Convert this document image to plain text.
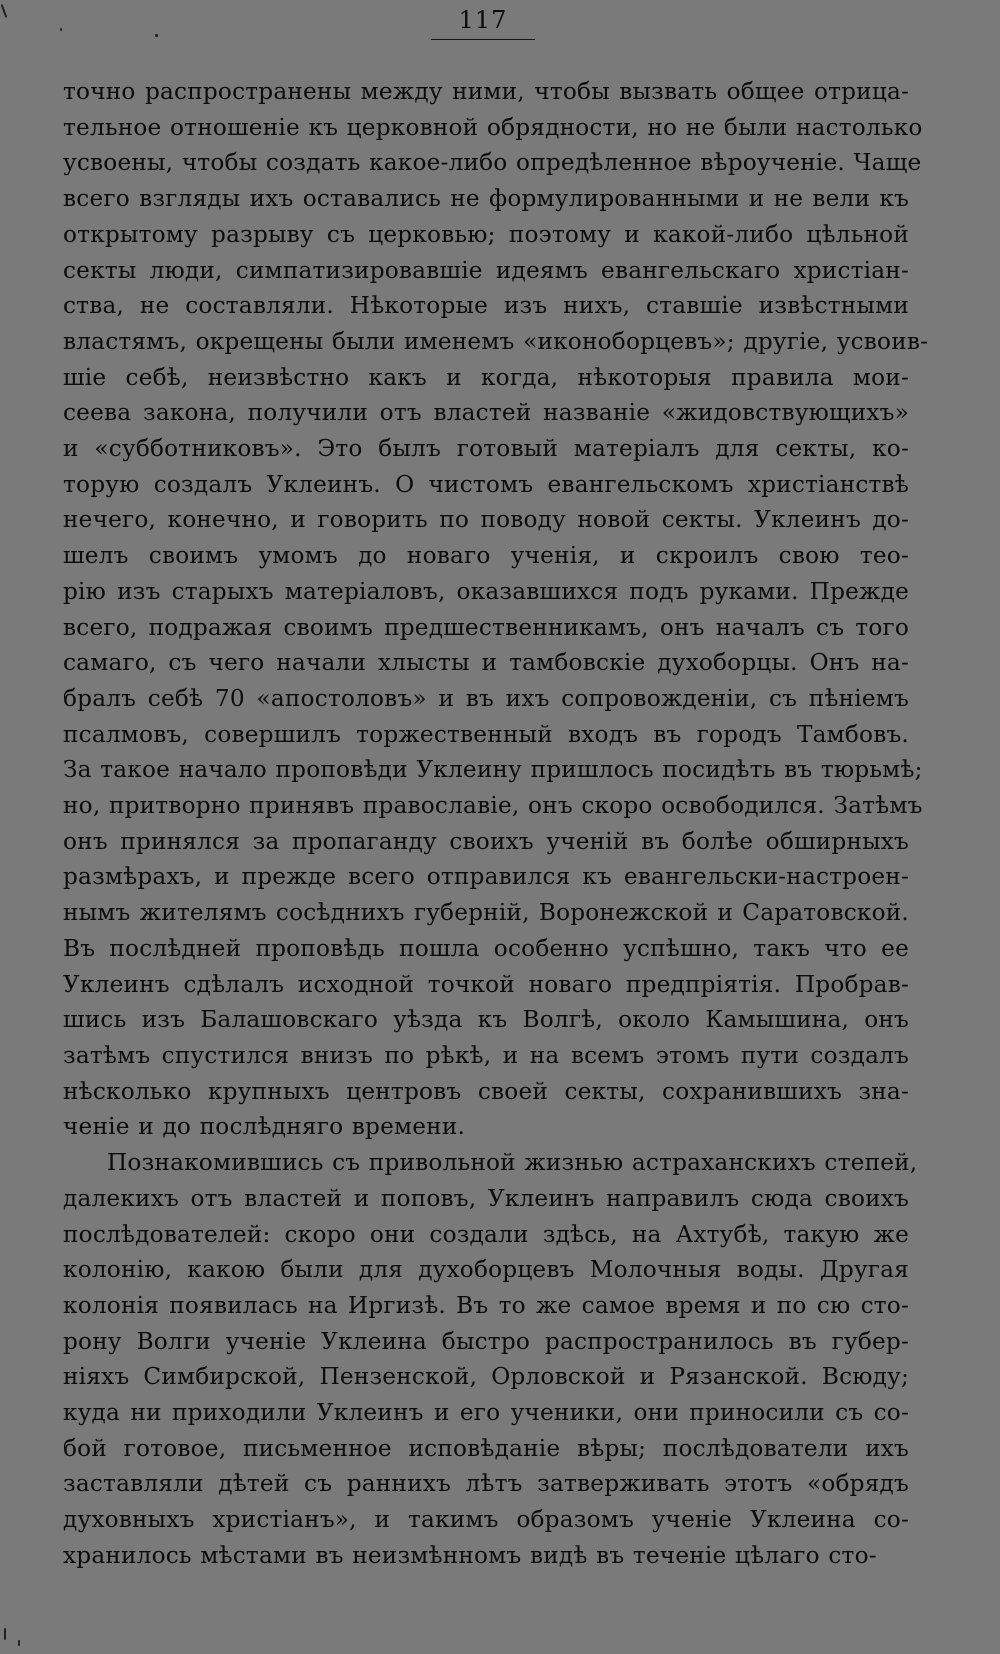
117
точно распространены между ними, чтобы вызвать общее отрица-
тельное отношеніе къ церковной обрядности, но не были настолько
усвоены, чтобы создать какое-либо опредѣленное вѣроученіе. Чаще
всего взгляды ихъ оставались не формулированными и не вели къ
открытому разрыву съ церковью; поэтому и какой-либо цѣльной
секты люди, симпатизировавшіе идеямъ евангельскаго христіан-
ства, не составляли. Нѣкоторые изъ нихъ, ставшіе извѣстными
властямъ, окрещены были именемъ «иконоборцевъ»; другіе, усвоив-
шіе себѣ, неизвѣстно какъ и когда, нѣкоторыя правила мои-
сеева закона, получили отъ властей названіе «жидовствующихъ»
и «субботниковъ». Это былъ готовый матеріалъ для секты, ко-
торую создалъ Уклеинъ. О чистомъ евангельскомъ христіанствѣ
нечего, конечно, и говорить по поводу новой секты. Уклеинъ до-
шелъ своимъ умомъ до новаго ученія, и скроилъ свою тео-
рію изъ старыхъ матеріаловъ, оказавшихся подъ руками. Прежде
всего, подражая своимъ предшественникамъ, онъ началъ съ того
самаго, съ чего начали хлысты и тамбовскіе духоборцы. Онъ на-
бралъ себѣ 70 «апостоловъ» и въ ихъ сопровожденіи, съ пѣніемъ
псалмовъ, совершилъ торжественный входъ въ городъ Тамбовъ.
За такое начало проповѣди Уклеину пришлось посидѣть въ тюрьмѣ;
но, притворно принявъ православіе, онъ скоро освободился. Затѣмъ
онъ принялся за пропаганду своихъ ученій въ болѣе обширныхъ
размѣрахъ, и прежде всего отправился къ евангельски-настроен-
нымъ жителямъ сосѣднихъ губерній, Воронежской и Саратовской.
Въ послѣдней проповѣдь пошла особенно успѣшно, такъ что ее
Уклеинъ сдѣлалъ исходной точкой новаго предпріятія. Пробрав-
шись изъ Балашовскаго уѣзда къ Волгѣ, около Камышина, онъ
затѣмъ спустился внизъ по рѣкѣ, и на всемъ этомъ пути создалъ
нѣсколько крупныхъ центровъ своей секты, сохранившихъ зна-
ченіе и до послѣдняго времени.
Познакомившись съ привольной жизнью астраханскихъ степей,
далекихъ отъ властей и поповъ, Уклеинъ направилъ сюда своихъ
послѣдователей: скоро они создали здѣсь, на Ахтубѣ, такую же
колонію, какою были для духоборцевъ Молочныя воды. Другая
колонія появилась на Иргизѣ. Въ то же самое время и по сю сто-
рону Волги ученіе Уклеина быстро распространилось въ губер-
ніяхъ Симбирской, Пензенской, Орловской и Рязанской. Всюду;
куда ни приходили Уклеинъ и его ученики, они приносили съ со-
бой готовое, письменное исповѣданіе вѣры; послѣдователи ихъ
заставляли дѣтей съ раннихъ лѣтъ затверживать этотъ «обрядъ
духовныхъ христіанъ», и такимъ образомъ ученіе Уклеина со-
хранилось мѣстами въ неизмѣнномъ видѣ въ теченіе цѣлаго сто-
